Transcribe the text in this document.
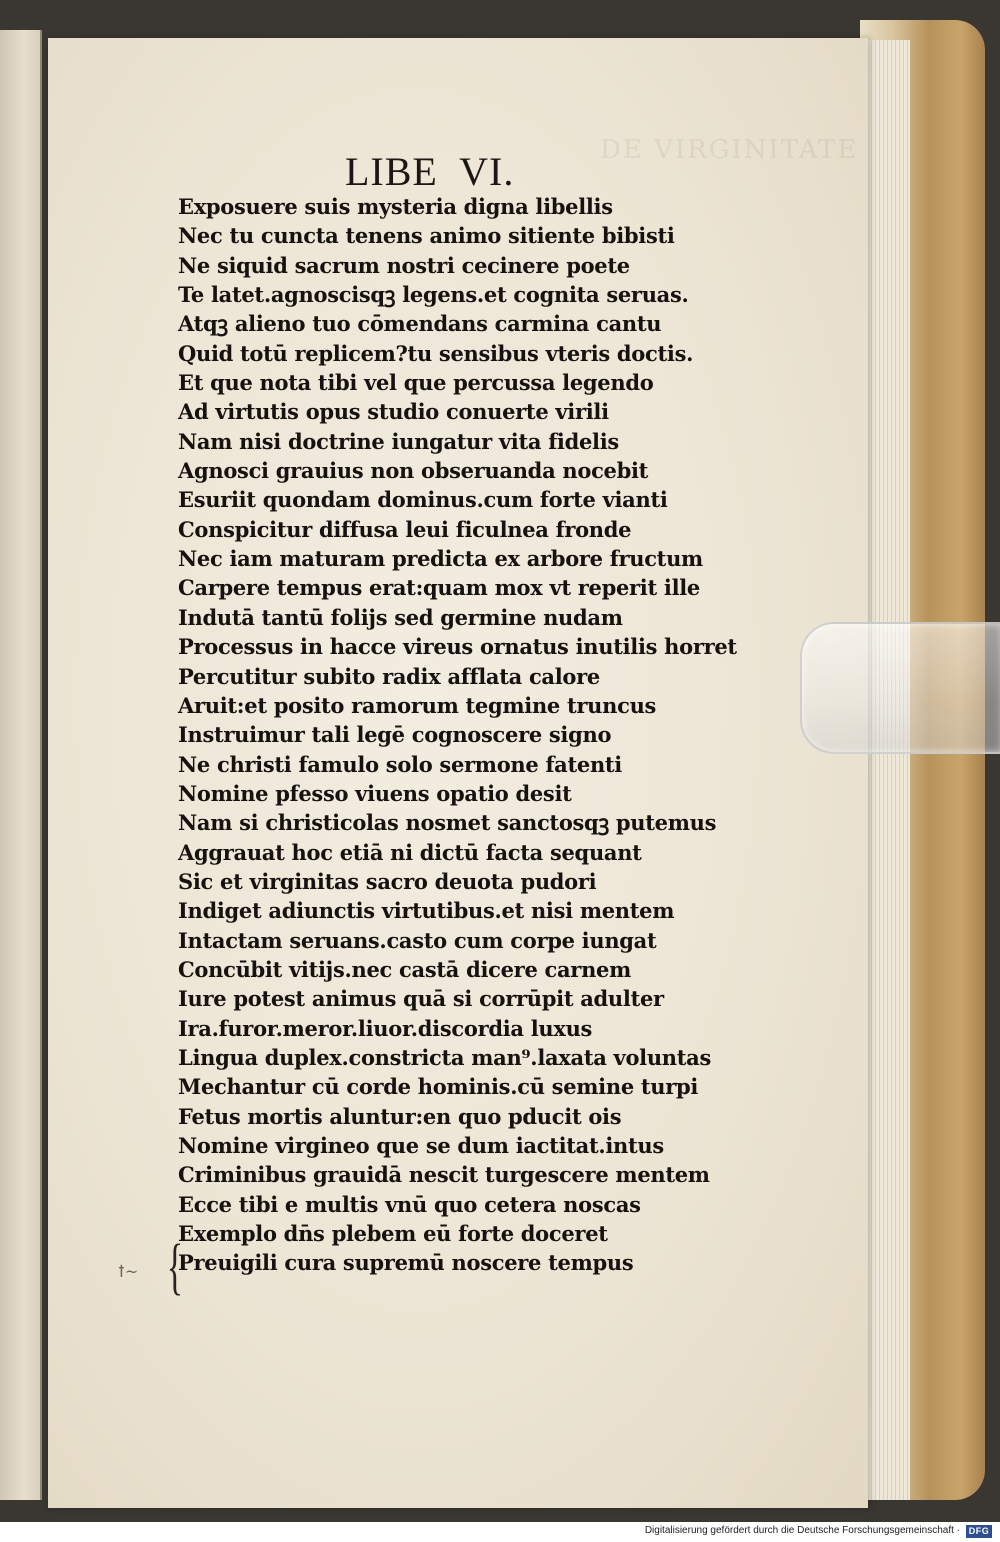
DE VIRGINITATE
LIBE  VI.
Exposuere suis mysteria digna libellis
Nec tu cuncta tenens animo sitiente bibisti
Ne siquid sacrum nostri cecinere poete
Te latet.agnoscisqꝫ legens.et cognita seruas.
Atqꝫ alieno tuo cōmendans carmina cantu
Quid totū replicem?tu sensibus vteris doctis.
Et que nota tibi vel que percussa legendo
Ad virtutis opus studio conuerte virili
Nam nisi doctrine iungatur vita fidelis
Agnosci grauius non obseruanda nocebit
Esuriit quondam dominus.cum forte vianti
Conspicitur diffusa leui ficulnea fronde
Nec iam maturam predicta ex arbore fructum
Carpere tempus erat:quam mox vt reperit ille
Indutā tantū folijs sed germine nudam
Processus in hacce vireus ornatus inutilis horret
Percutitur subito radix afflata calore
Aruit:et posito ramorum tegmine truncus
Instruimur tali legē cognoscere signo
Ne christi famulo solo sermone fatenti
Nomine pfesso viuens opatio desit
Nam si christicolas nosmet sanctosqꝫ putemus
Aggrauat hoc etiā ni dictū facta sequant
Sic et virginitas sacro deuota pudori
Indiget adiunctis virtutibus.et nisi mentem
Intactam seruans.casto cum corpe iungat
Concūbit vitijs.nec castā dicere carnem
Iure potest animus quā si corrūpit adulter
Ira.furor.meror.liuor.discordia luxus
Lingua duplex.constricta man⁹.laxata voluntas
Mechantur cū corde hominis.cū semine turpi
Fetus mortis aluntur:en quo pducit ois
Nomine virgineo que se dum iactitat.intus
Criminibus grauidā nescit turgescere mentem
Ecce tibi e multis vnū quo cetera noscas
Exemplo dn̄s plebem eū forte doceret
Preuigili cura supremū noscere tempus
{
ꝉ~
Digitalisierung gefördert durch die Deutsche Forschungsgemeinschaft · DFG
